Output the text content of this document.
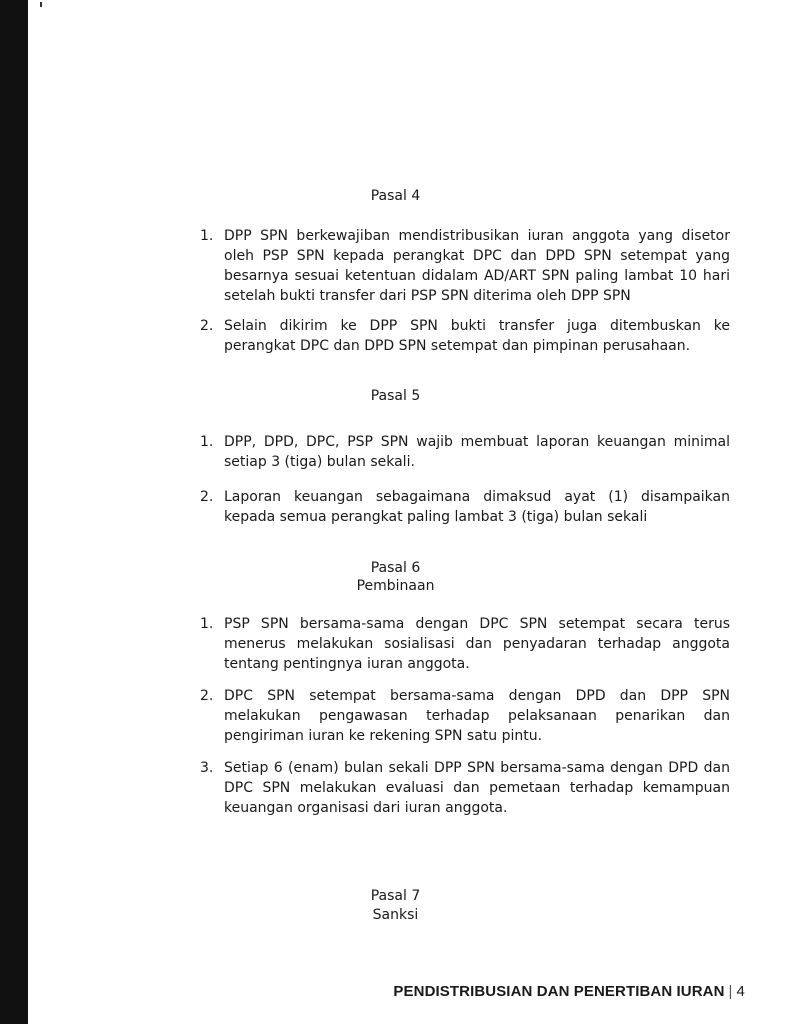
Pasal 4
1. DPP SPN berkewajiban mendistribusikan iuran anggota yang disetor oleh PSP SPN kepada perangkat DPC dan DPD SPN setempat yang besarnya sesuai ketentuan didalam AD/ART SPN paling lambat 10 hari setelah bukti transfer dari PSP SPN diterima oleh DPP SPN
2. Selain dikirim ke DPP SPN bukti transfer juga ditembuskan ke perangkat DPC dan DPD SPN setempat dan pimpinan perusahaan.
Pasal 5
1. DPP, DPD, DPC, PSP SPN wajib membuat laporan keuangan minimal setiap 3 (tiga) bulan sekali.
2. Laporan keuangan sebagaimana dimaksud ayat (1) disampaikan kepada semua perangkat paling lambat 3 (tiga) bulan sekali
Pasal 6
Pembinaan
1. PSP SPN bersama-sama dengan DPC SPN setempat secara terus menerus melakukan sosialisasi dan penyadaran terhadap anggota tentang pentingnya iuran anggota.
2. DPC SPN setempat bersama-sama dengan DPD dan DPP SPN melakukan pengawasan terhadap pelaksanaan penarikan dan pengiriman iuran ke rekening SPN satu pintu.
3. Setiap 6 (enam) bulan sekali DPP SPN bersama-sama dengan DPD dan DPC SPN melakukan evaluasi dan pemetaan terhadap kemampuan keuangan organisasi dari iuran anggota.
Pasal 7
Sanksi
PENDISTRIBUSIAN DAN PENERTIBAN IURAN | 4
